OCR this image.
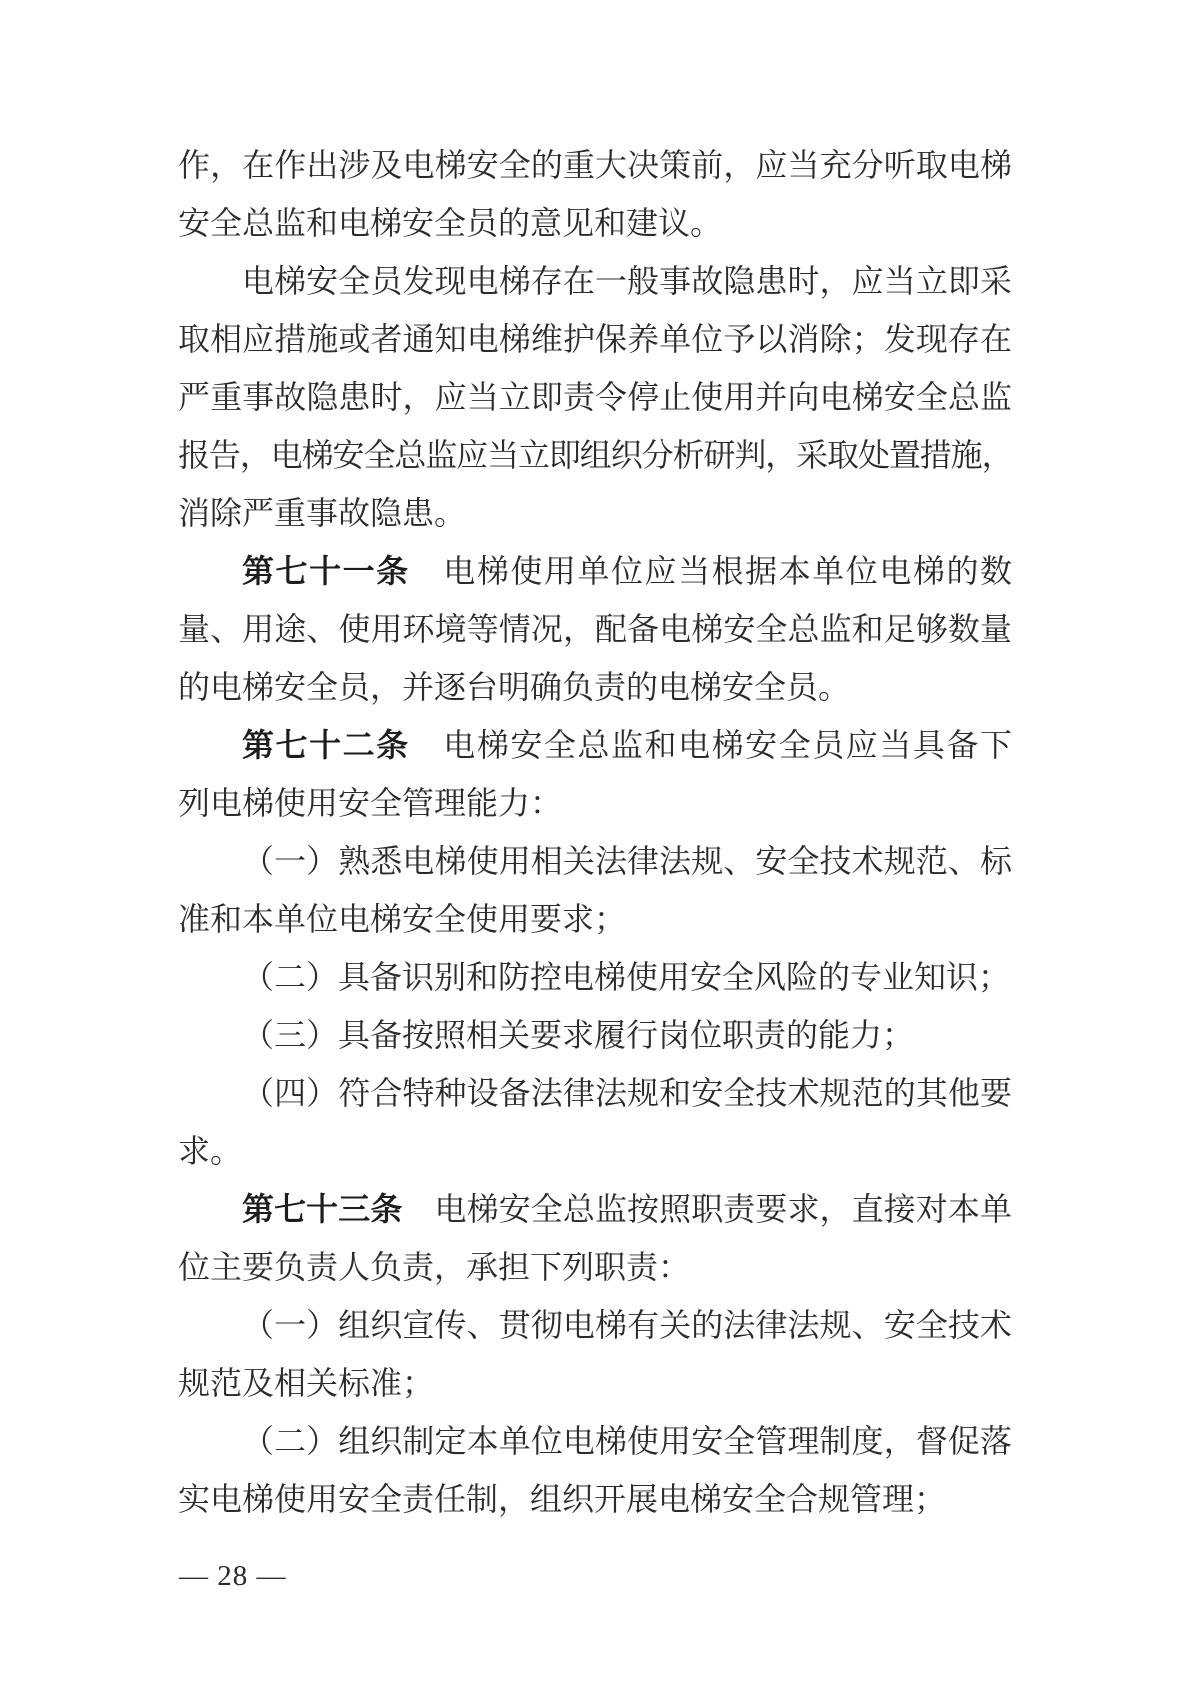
作，在作出涉及电梯安全的重大决策前，应当充分听取电梯
安全总监和电梯安全员的意见和建议。
电梯安全员发现电梯存在一般事故隐患时，应当立即采
取相应措施或者通知电梯维护保养单位予以消除；发现存在
严重事故隐患时，应当立即责令停止使用并向电梯安全总监
报告，电梯安全总监应当立即组织分析研判，采取处置措施，
消除严重事故隐患。
第七十一条　电梯使用单位应当根据本单位电梯的数
量、用途、使用环境等情况，配备电梯安全总监和足够数量
的电梯安全员，并逐台明确负责的电梯安全员。
第七十二条　电梯安全总监和电梯安全员应当具备下
列电梯使用安全管理能力：
（一）熟悉电梯使用相关法律法规、安全技术规范、标
准和本单位电梯安全使用要求；
（二）具备识别和防控电梯使用安全风险的专业知识；
（三）具备按照相关要求履行岗位职责的能力；
（四）符合特种设备法律法规和安全技术规范的其他要
求。
第七十三条　电梯安全总监按照职责要求，直接对本单
位主要负责人负责，承担下列职责：
（一）组织宣传、贯彻电梯有关的法律法规、安全技术
规范及相关标准；
（二）组织制定本单位电梯使用安全管理制度，督促落
实电梯使用安全责任制，组织开展电梯安全合规管理；
— 28 —
